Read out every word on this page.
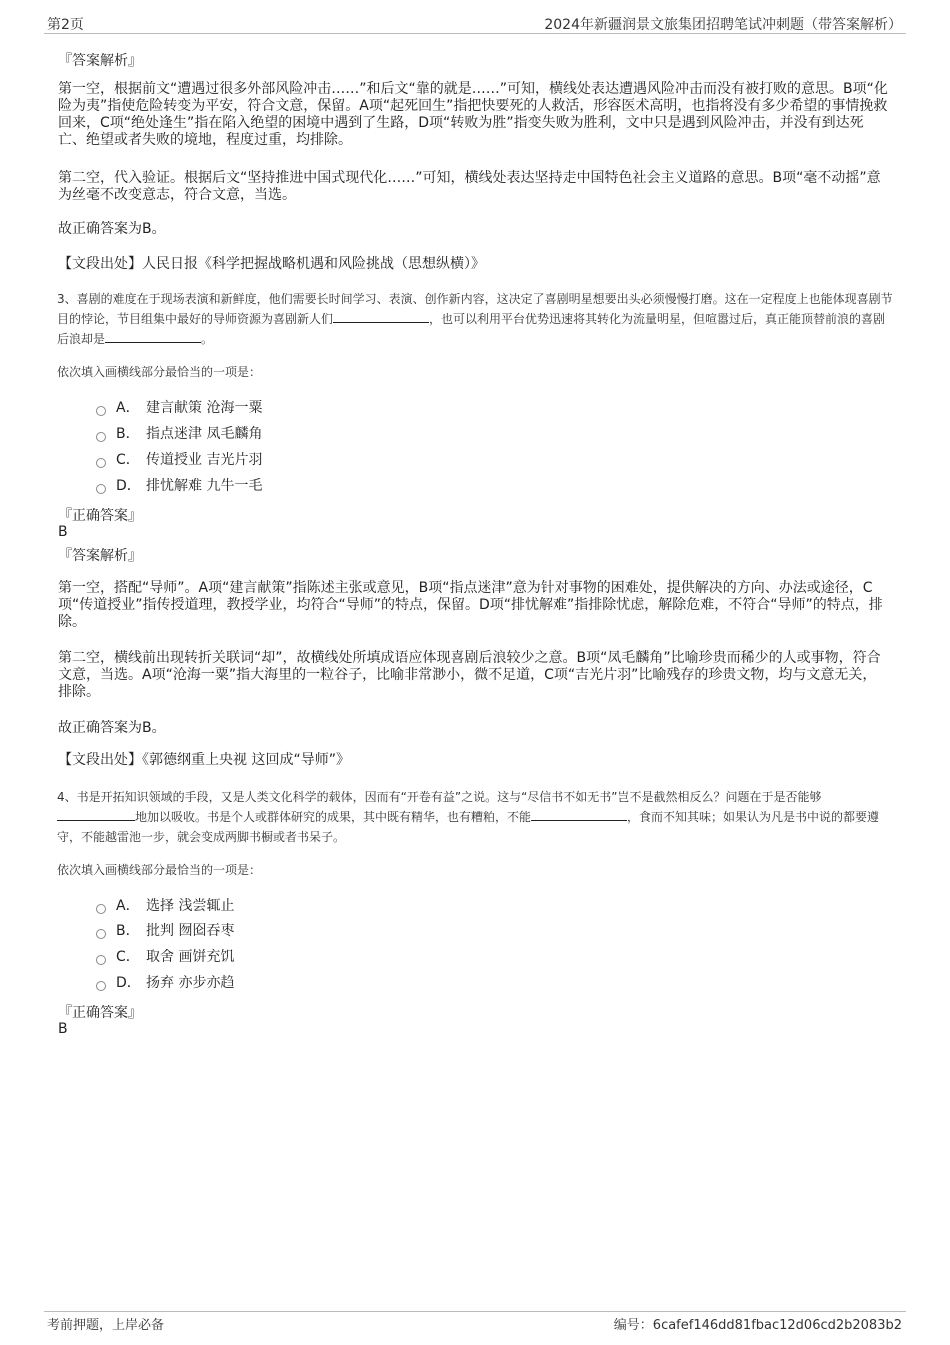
第2页	2024年新疆润景文旅集团招聘笔试冲刺题（带答案解析）
『答案解析』
第一空，根据前文“遭遇过很多外部风险冲击……”和后文“靠的就是……”可知，横线处表达遭遇风险冲击而没有被打败的意思。B项“化险为夷”指使危险转变为平安，符合文意，保留。A项“起死回生”指把快要死的人救活，形容医术高明，也指将没有多少希望的事情挽救回来，C项“绝处逢生”指在陷入绝望的困境中遇到了生路，D项“转败为胜”指变失败为胜利，文中只是遇到风险冲击，并没有到达死亡、绝望或者失败的境地，程度过重，均排除。
第二空，代入验证。根据后文“坚持推进中国式现代化……”可知，横线处表达坚持走中国特色社会主义道路的意思。B项“毫不动摇”意为丝毫不改变意志，符合文意，当选。
故正确答案为B。
【文段出处】人民日报《科学把握战略机遇和风险挑战（思想纵横）》

3、喜剧的难度在于现场表演和新鲜度，他们需要长时间学习、表演、创作新内容，这决定了喜剧明星想要出头必须慢慢打磨。这在一定程度上也能体现喜剧节目的悖论，节目组集中最好的导师资源为喜剧新人们	，也可以利用平台优势迅速将其转化为流量明星，但喧嚣过后，真正能顶替前浪的喜剧后浪却是	。

依次填入画横线部分最恰当的一项是：
A． 建言献策 沧海一粟
B． 指点迷津 凤毛麟角
C． 传道授业 吉光片羽
D． 排忧解难 九牛一毛
『正确答案』
B
『答案解析』
第一空，搭配“导师”。A项“建言献策”指陈述主张或意见，B项“指点迷津”意为针对事物的困难处，提供解决的方向、办法或途径，C项“传道授业”指传授道理，教授学业，均符合“导师”的特点，保留。D项“排忧解难”指排除忧虑，解除危难，不符合“导师”的特点，排除。
第二空，横线前出现转折关联词“却”，故横线处所填成语应体现喜剧后浪较少之意。B项“凤毛麟角”比喻珍贵而稀少的人或事物，符合文意，当选。A项“沧海一粟”指大海里的一粒谷子，比喻非常渺小，微不足道，C项“吉光片羽”比喻残存的珍贵文物，均与文意无关，排除。
故正确答案为B。
【文段出处】《郭德纲重上央视 这回成“导师”》

4、书是开拓知识领域的手段，又是人类文化科学的载体，因而有“开卷有益”之说。这与“尽信书不如无书”岂不是截然相反么？问题在于是否能够地加以吸收。书是个人或群体研究的成果，其中既有精华，也有糟粕，不能	，食而不知其味；如果认为凡是书中说的都要遵守，不能越雷池一步，就会变成两脚书橱或者书呆子。

依次填入画横线部分最恰当的一项是：
A． 选择 浅尝辄止
B． 批判 囫囵吞枣
C． 取舍 画饼充饥
D． 扬弃 亦步亦趋
『正确答案』
B
考前押题，上岸必备	编号：6cafef146dd81fbac12d06cd2b2083b2
